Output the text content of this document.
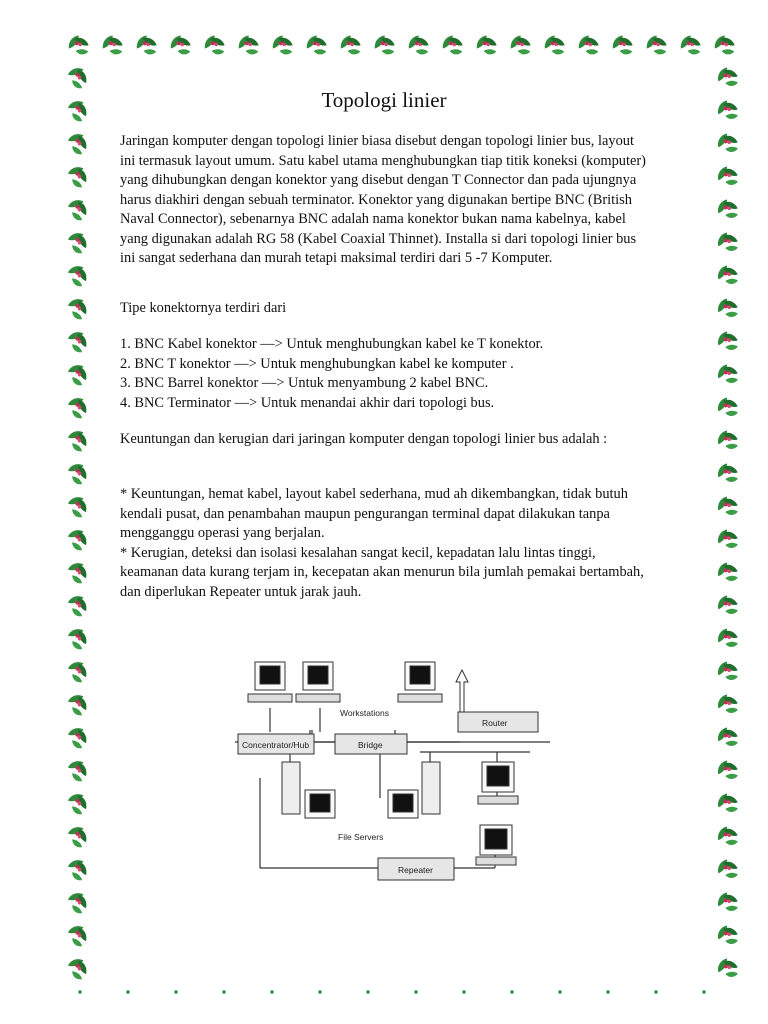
Topologi linier

Jaringan komputer dengan topologi linier biasa disebut dengan topologi linier bus, layout ini termasuk layout umum. Satu kabel utama menghubungkan tiap titik koneksi (komputer) yang dihubungkan dengan konektor yang disebut dengan T Connector dan pada ujungnya harus diakhiri dengan sebuah terminator. Konektor yang digunakan bertipe BNC (British Naval Connector), sebenarnya BNC adalah nama konektor bukan nama kabelnya, kabel yang digunakan adalah RG 58 (Kabel Coaxial Thinnet). Installa si dari topologi linier bus ini sangat sederhana dan murah tetapi maksimal terdiri dari 5 -7 Komputer.

Tipe konektornya terdiri dari

1. BNC Kabel konektor —> Untuk menghubungkan kabel ke T konektor.
2. BNC T konektor —> Untuk menghubungkan kabel ke komputer .
3. BNC Barrel konektor —> Untuk menyambung 2 kabel BNC.
4. BNC Terminator —> Untuk menandai akhir dari topologi bus.

Keuntungan dan kerugian dari jaringan komputer dengan topologi linier bus adalah :

* Keuntungan, hemat kabel, layout kabel sederhana, mud ah dikembangkan, tidak butuh kendali pusat, dan penambahan maupun pengurangan terminal dapat dilakukan tanpa mengganggu operasi yang berjalan.
* Kerugian, deteksi dan isolasi kesalahan sangat kecil, kepadatan lalu lintas tinggi, keamanan data kurang terjam in, kecepatan akan menurun bila jumlah pemakai bertambah, dan diperlukan Repeater untuk jarak jauh.
Workstations
Router
Concentrator/Hub	Bridge
File Servers
Repeater
